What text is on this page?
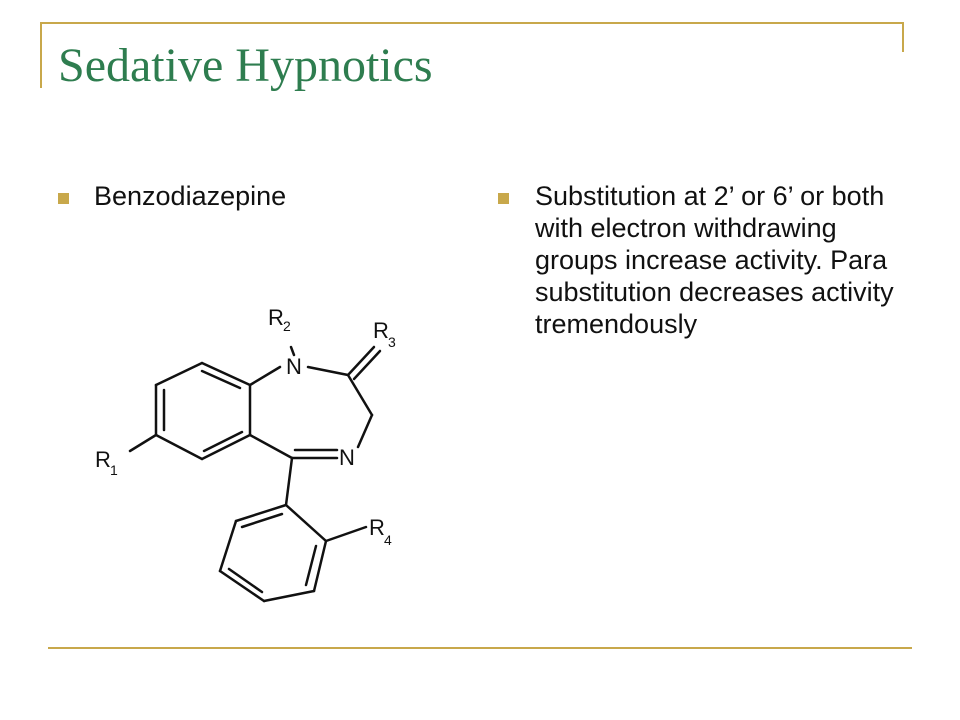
Sedative Hypnotics
Benzodiazepine	Substitution at 2’ or 6’ or both with electron withdrawing groups increase activity. Para substitution decreases activity tremendously
R 2
N
R 3
N
R 1
R 4
